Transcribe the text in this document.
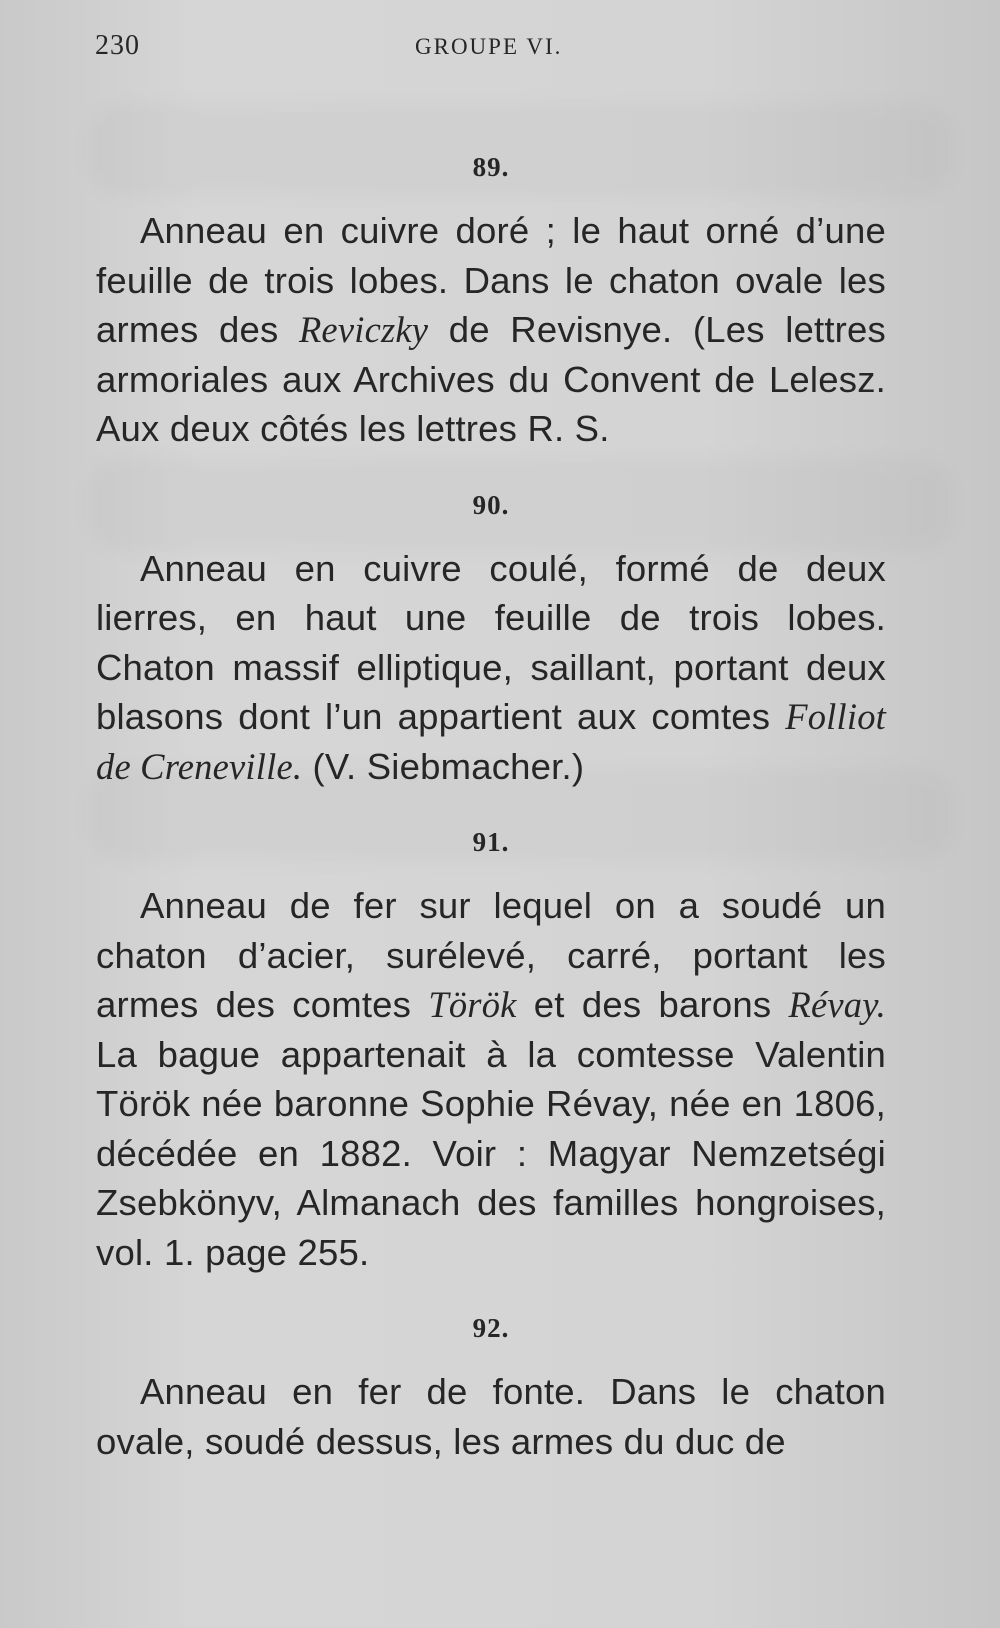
230	GROUPE VI.
89.

Anneau en cuivre doré ; le haut orné d’une feuille de trois lobes. Dans le chaton ovale les armes des Reviczky de Revisnye. (Les lettres armoriales aux Archives du Convent de Lelesz. Aux deux côtés les lettres R. S.

90.

Anneau en cuivre coulé, formé de deux lierres, en haut une feuille de trois lobes. Chaton massif elliptique, saillant, portant deux blasons dont l’un appartient aux comtes Folliot de Creneville. (V. Siebmacher.)

91.

Anneau de fer sur lequel on a soudé un chaton d’acier, surélevé, carré, portant les armes des comtes Török et des barons Révay. La bague appartenait à la comtesse Valentin Török née baronne Sophie Révay, née en 1806, décédée en 1882. Voir : Magyar Nemzetségi Zsebkönyv, Almanach des familles hongroises, vol. 1. page 255.

92.

Anneau en fer de fonte. Dans le chaton ovale, soudé dessus, les armes du duc de
